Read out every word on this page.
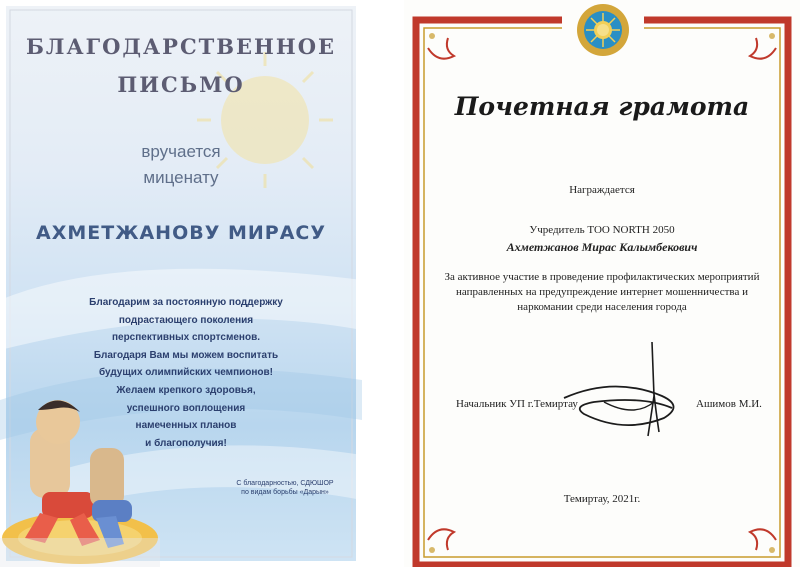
БЛАГОДАРСТВЕННОЕ
ПИСЬМО
вручается
миценату
АХМЕТЖАНОВУ МИРАСУ
Благодарим за постоянную поддержку
подрастающего поколения
перспективных спортсменов.
Благодаря Вам мы можем воспитать
будущих олимпийских чемпионов!
Желаем крепкого здоровья,
успешного воплощения
намеченных планов
и благополучия!
С благодарностью, СДЮШОР
по видам борьбы «Дарын»
Почетная грамота
Награждается
Учредитель ТОО NORTH 2050
Ахметжанов Мирас Калымбекович
За активное участие в проведение профилактических мероприятий
направленных на предупреждение интернет мошенничества и
наркомании среди населения города
Начальник УП г.Темиртау	Ашимов М.И.
Темиртау, 2021г.
